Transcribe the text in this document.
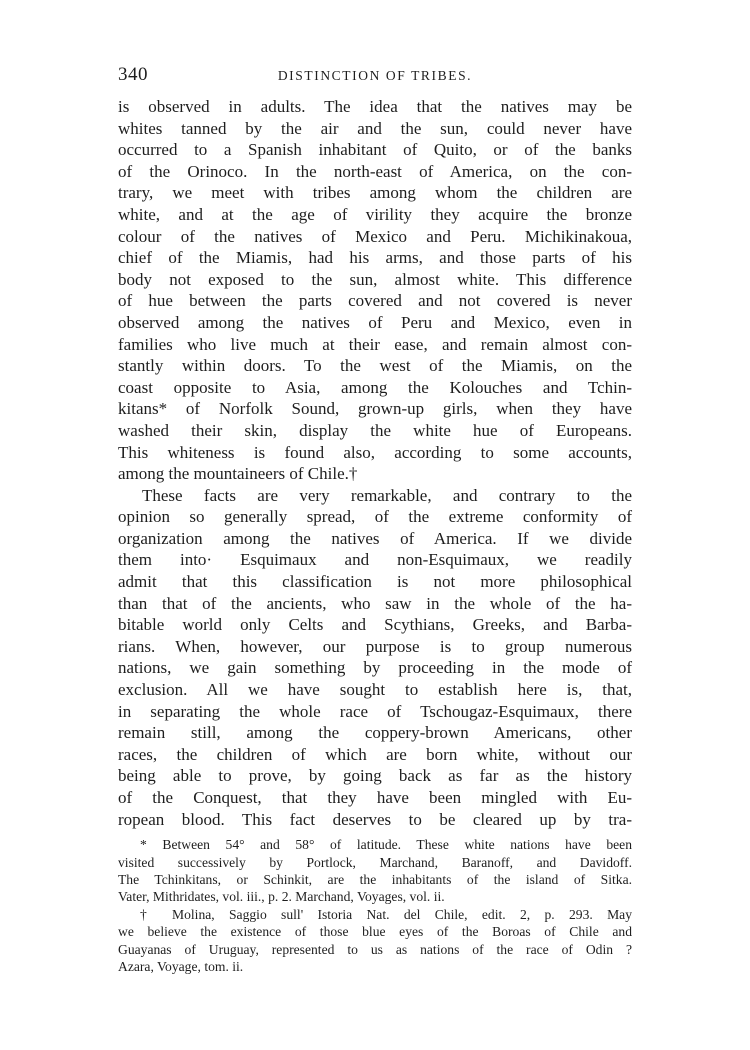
340	DISTINCTION OF TRIBES.
is observed in adults. The idea that the natives may be
whites tanned by the air and the sun, could never have
occurred to a Spanish inhabitant of Quito, or of the banks
of the Orinoco. In the north-east of America, on the con-
trary, we meet with tribes among whom the children are
white, and at the age of virility they acquire the bronze
colour of the natives of Mexico and Peru. Michikinakoua,
chief of the Miamis, had his arms, and those parts of his
body not exposed to the sun, almost white. This difference
of hue between the parts covered and not covered is never
observed among the natives of Peru and Mexico, even in
families who live much at their ease, and remain almost con-
stantly within doors. To the west of the Miamis, on the
coast opposite to Asia, among the Kolouches and Tchin-
kitans* of Norfolk Sound, grown-up girls, when they have
washed their skin, display the white hue of Europeans.
This whiteness is found also, according to some accounts,
among the mountaineers of Chile.†
These facts are very remarkable, and contrary to the
opinion so generally spread, of the extreme conformity of
organization among the natives of America. If we divide
them into· Esquimaux and non-Esquimaux, we readily
admit that this classification is not more philosophical
than that of the ancients, who saw in the whole of the ha-
bitable world only Celts and Scythians, Greeks, and Barba-
rians. When, however, our purpose is to group numerous
nations, we gain something by proceeding in the mode of
exclusion. All we have sought to establish here is, that,
in separating the whole race of Tschougaz-Esquimaux, there
remain still, among the coppery-brown Americans, other
races, the children of which are born white, without our
being able to prove, by going back as far as the history
of the Conquest, that they have been mingled with Eu-
ropean blood. This fact deserves to be cleared up by tra-
* Between 54° and 58° of latitude. These white nations have been
visited successively by Portlock, Marchand, Baranoff, and Davidoff.
The Tchinkitans, or Schinkit, are the inhabitants of the island of Sitka.
Vater, Mithridates, vol. iii., p. 2. Marchand, Voyages, vol. ii.
† Molina, Saggio sull' Istoria Nat. del Chile, edit. 2, p. 293. May
we believe the existence of those blue eyes of the Boroas of Chile and
Guayanas of Uruguay, represented to us as nations of the race of Odin ?
Azara, Voyage, tom. ii.
